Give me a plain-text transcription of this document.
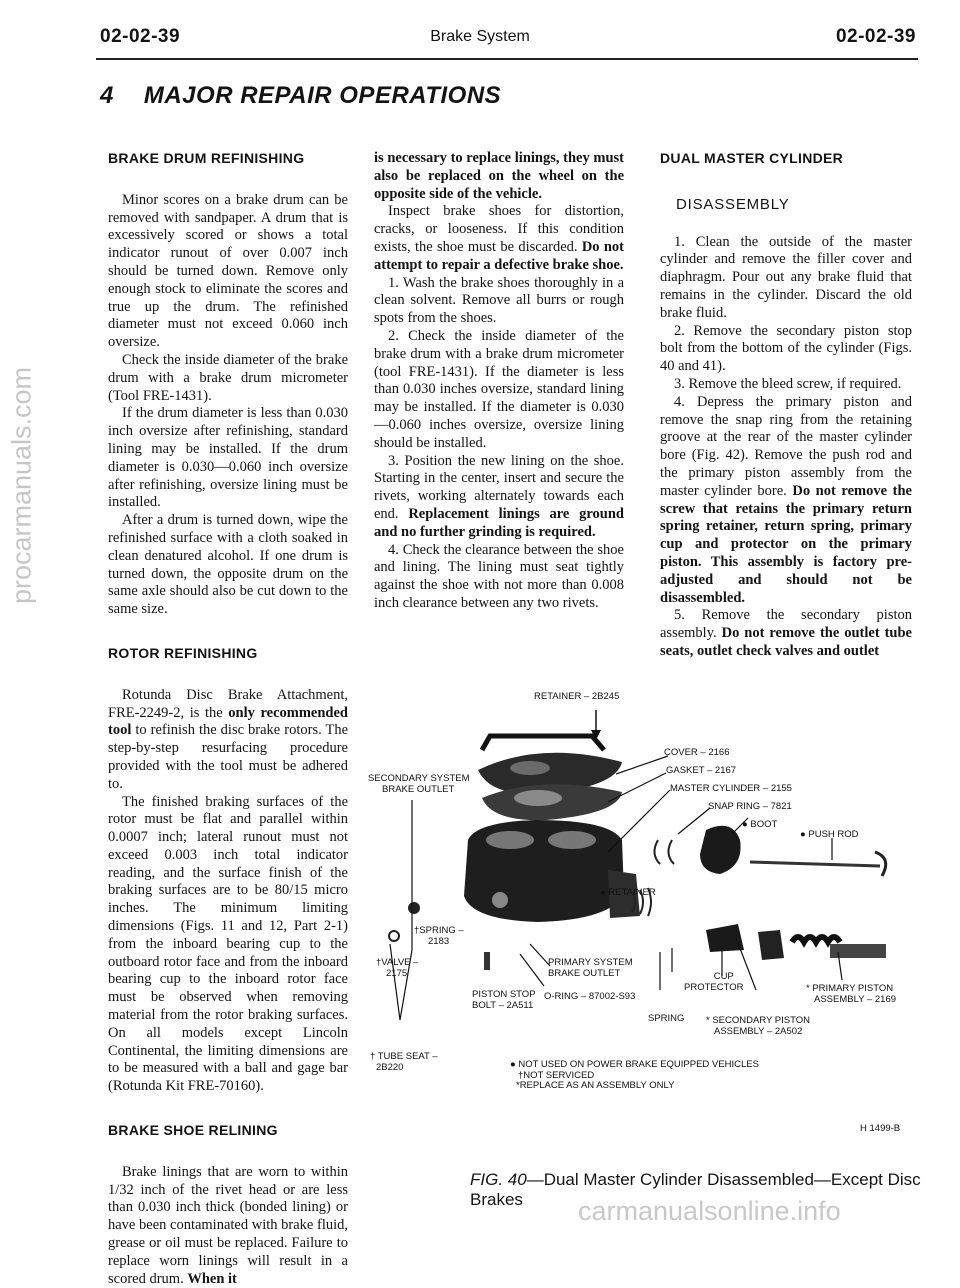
02-02-39	Brake System	02-02-39
4 MAJOR REPAIR OPERATIONS
BRAKE DRUM REFINISHING

Minor scores on a brake drum can be removed with sandpaper. A drum that is excessively scored or shows a total indicator runout of over 0.007 inch should be turned down. Remove only enough stock to eliminate the scores and true up the drum. The refinished diameter must not exceed 0.060 inch oversize.

Check the inside diameter of the brake drum with a brake drum micrometer (Tool FRE-1431).

If the drum diameter is less than 0.030 inch oversize after refinishing, standard lining may be installed. If the drum diameter is 0.030—0.060 inch oversize after refinishing, oversize lining must be installed.

After a drum is turned down, wipe the refinished surface with a cloth soaked in clean denatured alcohol. If one drum is turned down, the opposite drum on the same axle should also be cut down to the same size.

ROTOR REFINISHING

Rotunda Disc Brake Attachment, FRE-2249-2, is the only recommended tool to refinish the disc brake rotors. The step-by-step resurfacing procedure provided with the tool must be adhered to.

The finished braking surfaces of the rotor must be flat and parallel within 0.0007 inch; lateral runout must not exceed 0.003 inch total indicator reading, and the surface finish of the braking surfaces are to be 80/15 micro inches. The minimum limiting dimensions (Figs. 11 and 12, Part 2-1) from the inboard bearing cup to the outboard rotor face and from the inboard bearing cup to the inboard rotor face must be observed when removing material from the rotor braking surfaces. On all models except Lincoln Continental, the limiting dimensions are to be measured with a ball and gage bar (Rotunda Kit FRE-70160).

BRAKE SHOE RELINING

Brake linings that are worn to within 1/32 inch of the rivet head or are less than 0.030 inch thick (bonded lining) or have been contaminated with brake fluid, grease or oil must be replaced. Failure to replace worn linings will result in a scored drum. When it

is necessary to replace linings, they must also be replaced on the wheel on the opposite side of the vehicle.

Inspect brake shoes for distortion, cracks, or looseness. If this condition exists, the shoe must be discarded. Do not attempt to repair a defective brake shoe.

1. Wash the brake shoes thoroughly in a clean solvent. Remove all burrs or rough spots from the shoes.

2. Check the inside diameter of the brake drum with a brake drum micrometer (tool FRE-1431). If the diameter is less than 0.030 inches oversize, standard lining may be installed. If the diameter is 0.030—0.060 inches oversize, oversize lining should be installed.

3. Position the new lining on the shoe. Starting in the center, insert and secure the rivets, working alternately towards each end. Replacement linings are ground and no further grinding is required.

4. Check the clearance between the shoe and lining. The lining must seat tightly against the shoe with not more than 0.008 inch clearance between any two rivets.

DUAL MASTER CYLINDER
DISASSEMBLY

1. Clean the outside of the master cylinder and remove the filler cover and diaphragm. Pour out any brake fluid that remains in the cylinder. Discard the old brake fluid.

2. Remove the secondary piston stop bolt from the bottom of the cylinder (Figs. 40 and 41).

3. Remove the bleed screw, if required.

4. Depress the primary piston and remove the snap ring from the retaining groove at the rear of the master cylinder bore (Fig. 42). Remove the push rod and the primary piston assembly from the master cylinder bore. Do not remove the screw that retains the primary return spring retainer, return spring, primary cup and protector on the primary piston. This assembly is factory pre-adjusted and should not be disassembled.

5. Remove the secondary piston assembly. Do not remove the outlet tube seats, outlet check valves and outlet

RETAINER – 2B245
COVER – 2166
GASKET – 2167
MASTER CYLINDER – 2155
SNAP RING – 7821
● BOOT
● PUSH ROD
SECONDARY SYSTEM
BRAKE OUTLET
● RETAINER
†SPRING –
2183
†VALVE –
2175
PRIMARY SYSTEM
BRAKE OUTLET
PISTON STOP
BOLT – 2A511
O-RING – 87002-S93
CUP
PROTECTOR
SPRING
* PRIMARY PISTON
ASSEMBLY – 2169
* SECONDARY PISTON
ASSEMBLY – 2A502
† TUBE SEAT –
2B220	● NOT USED ON POWER BRAKE EQUIPPED VEHICLES
†NOT SERVICED
*REPLACE AS AN ASSEMBLY ONLY
H 1499-B
FIG. 40—Dual Master Cylinder Disassembled—Except Disc Brakes
procarmanuals.com
carmanualsonline.info
